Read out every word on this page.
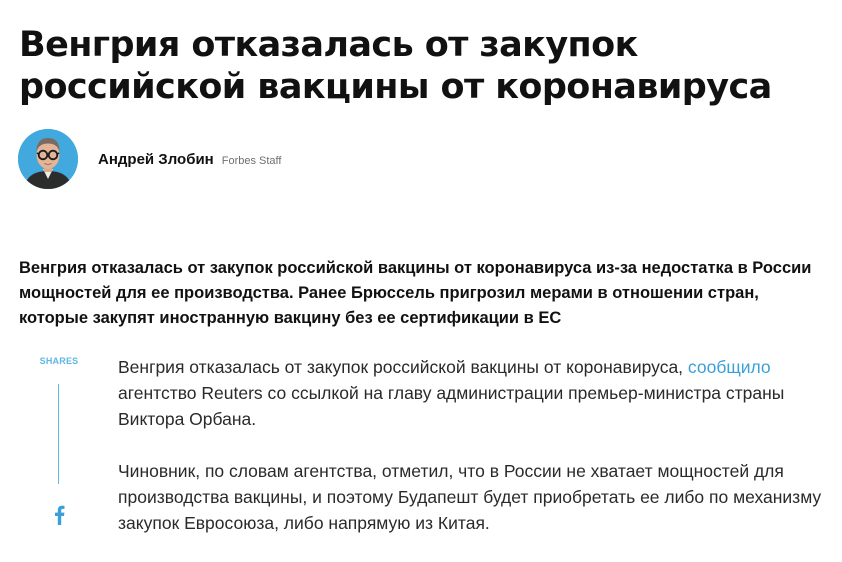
Венгрия отказалась от закупок российской вакцины от коронавируса
Андрей Злобин Forbes Staff

Венгрия отказалась от закупок российской вакцины от коронавируса из-за недостатка в России мощностей для ее производства. Ранее Брюссель пригрозил мерами в отношении стран, которые закупят иностранную вакцину без ее сертификации в ЕС

SHARES Венгрия отказалась от закупок российской вакцины от коронавируса, сообщило агентство Reuters со ссылкой на главу администрации премьер-министра страны Виктора Орбана.

Чиновник, по словам агентства, отметил, что в России не хватает мощностей для производства вакцины, и поэтому Будапешт будет приобретать ее либо по механизму закупок Евросоюза, либо напрямую из Китая.
